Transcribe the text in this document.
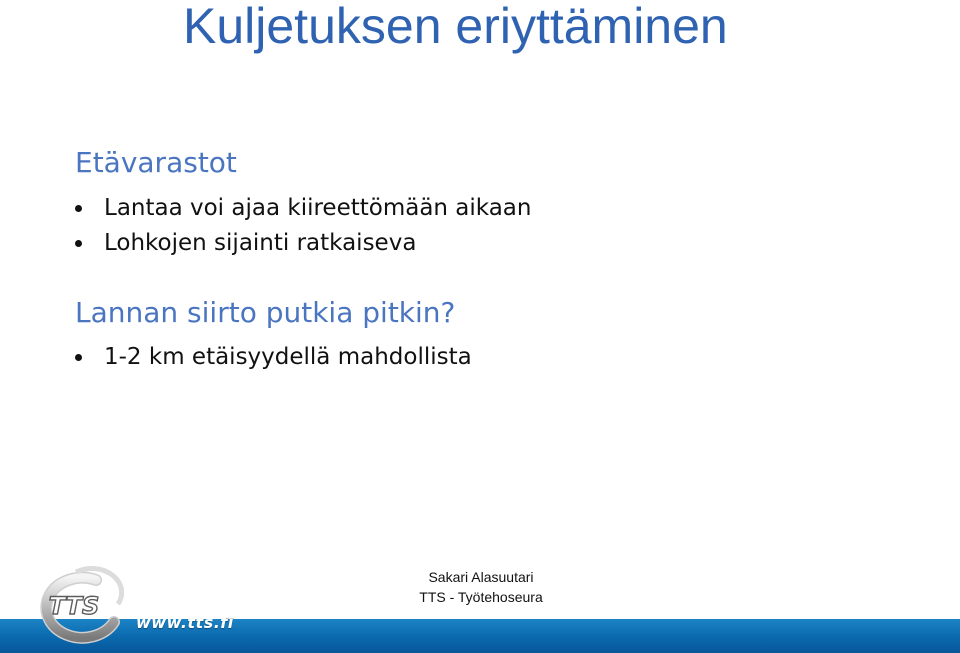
Kuljetuksen eriyttäminen
Etävarastot
Lantaa voi ajaa kiireettömään aikaan
Lohkojen sijainti ratkaiseva
Lannan siirto putkia pitkin?
1-2 km etäisyydellä mahdollista
Sakari Alasuutari
TTS - Työtehoseura
TTS
www.tts.fi
